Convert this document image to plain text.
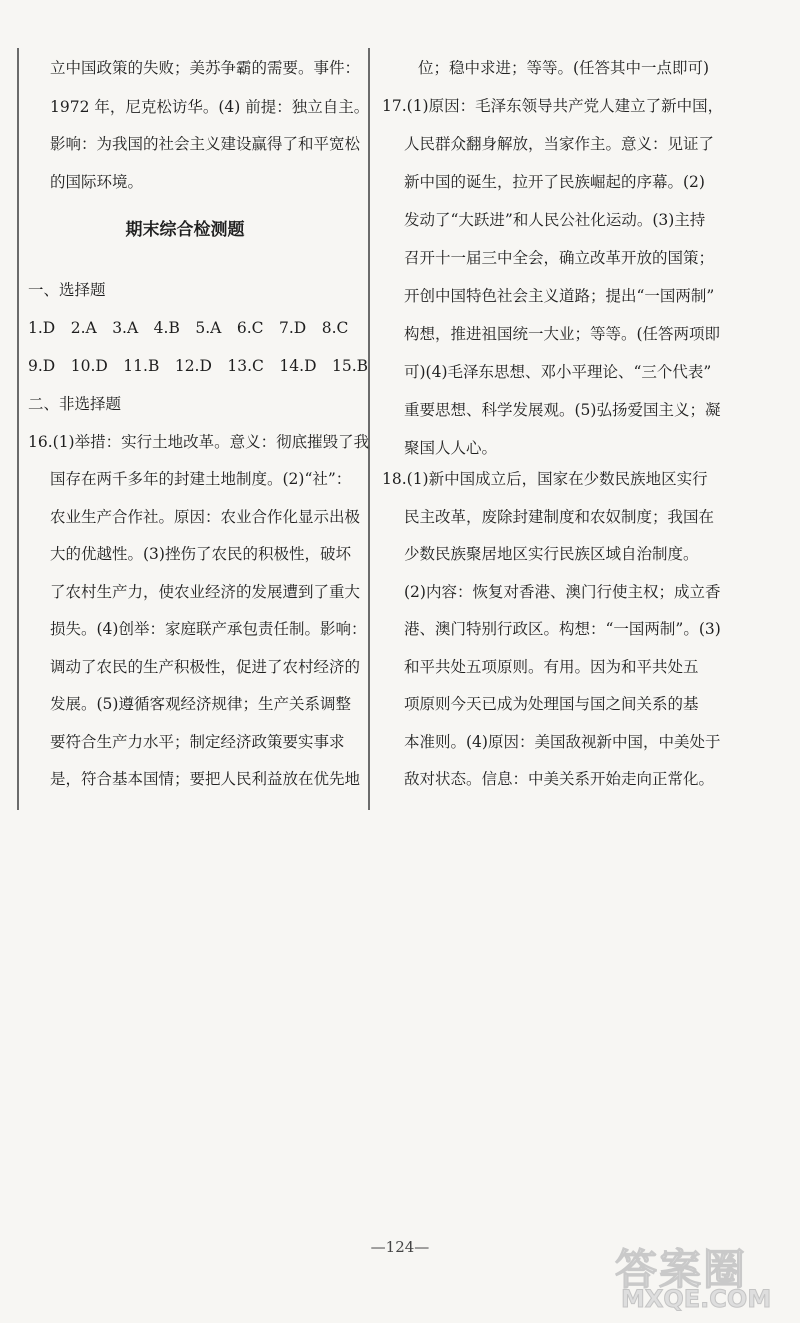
立中国政策的失败；美苏争霸的需要。事件：
1972 年，尼克松访华。(4) 前提：独立自主。
影响：为我国的社会主义建设赢得了和平宽松
的国际环境。
期末综合检测题
一、选择题
1.D　2.A　3.A　4.B　5.A　6.C　7.D　8.C
9.D　10.D　11.B　12.D　13.C　14.D　15.B
二、非选择题
16.(1)举措：实行土地改革。意义：彻底摧毁了我
国存在两千多年的封建土地制度。(2)“社”：
农业生产合作社。原因：农业合作化显示出极
大的优越性。(3)挫伤了农民的积极性，破坏
了农村生产力，使农业经济的发展遭到了重大
损失。(4)创举：家庭联产承包责任制。影响：
调动了农民的生产积极性，促进了农村经济的
发展。(5)遵循客观经济规律；生产关系调整
要符合生产力水平；制定经济政策要实事求
是，符合基本国情；要把人民利益放在优先地
位；稳中求进；等等。(任答其中一点即可)
17.(1)原因：毛泽东领导共产党人建立了新中国，
人民群众翻身解放，当家作主。意义：见证了
新中国的诞生，拉开了民族崛起的序幕。(2)
发动了“大跃进”和人民公社化运动。(3)主持
召开十一届三中全会，确立改革开放的国策；
开创中国特色社会主义道路；提出“一国两制”
构想，推进祖国统一大业；等等。(任答两项即
可)(4)毛泽东思想、邓小平理论、“三个代表”
重要思想、科学发展观。(5)弘扬爱国主义；凝
聚国人人心。
18.(1)新中国成立后，国家在少数民族地区实行
民主改革，废除封建制度和农奴制度；我国在
少数民族聚居地区实行民族区域自治制度。
(2)内容：恢复对香港、澳门行使主权；成立香
港、澳门特别行政区。构想：“一国两制”。(3)
和平共处五项原则。有用。因为和平共处五
项原则今天已成为处理国与国之间关系的基
本准则。(4)原因：美国敌视新中国，中美处于
敌对状态。信息：中美关系开始走向正常化。
—124—	答案圈
MXQE.COM
